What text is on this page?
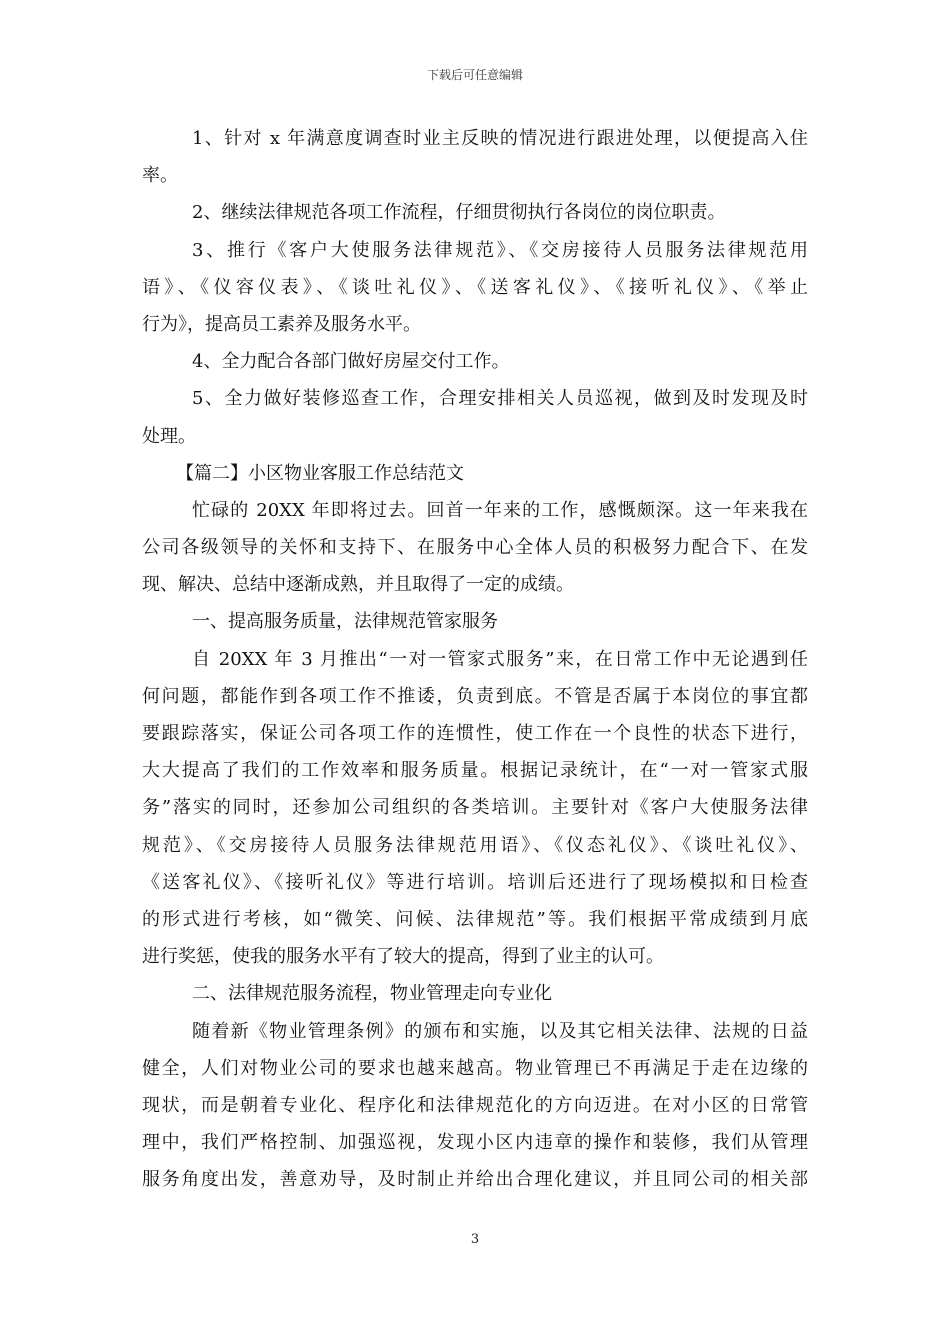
下载后可任意编辑
1、针对 x 年满意度调查时业主反映的情况进行跟进处理，以便提高入住
率。
2、继续法律规范各项工作流程，仔细贯彻执行各岗位的岗位职责。
3、推行《客户大使服务法律规范》、《交房接待人员服务法律规范用
语》、《仪容仪表》、《谈吐礼仪》、《送客礼仪》、《接听礼仪》、《举止
行为》，提高员工素养及服务水平。
4、全力配合各部门做好房屋交付工作。
5、全力做好装修巡查工作，合理安排相关人员巡视，做到及时发现及时
处理。
【篇二】小区物业客服工作总结范文
忙碌的 20XX 年即将过去。回首一年来的工作，感慨颇深。这一年来我在
公司各级领导的关怀和支持下、在服务中心全体人员的积极努力配合下、在发
现、解决、总结中逐渐成熟，并且取得了一定的成绩。
一、提高服务质量，法律规范管家服务
自 20XX 年 3 月推出“一对一管家式服务”来，在日常工作中无论遇到任
何问题，都能作到各项工作不推诿，负责到底。不管是否属于本岗位的事宜都
要跟踪落实，保证公司各项工作的连惯性，使工作在一个良性的状态下进行，
大大提高了我们的工作效率和服务质量。根据记录统计，在“一对一管家式服
务”落实的同时，还参加公司组织的各类培训。主要针对《客户大使服务法律
规范》、《交房接待人员服务法律规范用语》、《仪态礼仪》、《谈吐礼仪》、
《送客礼仪》、《接听礼仪》等进行培训。培训后还进行了现场模拟和日检查
的形式进行考核，如“微笑、问候、法律规范”等。我们根据平常成绩到月底
进行奖惩，使我的服务水平有了较大的提高，得到了业主的认可。
二、法律规范服务流程，物业管理走向专业化
随着新《物业管理条例》的颁布和实施，以及其它相关法律、法规的日益
健全，人们对物业公司的要求也越来越高。物业管理已不再满足于走在边缘的
现状，而是朝着专业化、程序化和法律规范化的方向迈进。在对小区的日常管
理中，我们严格控制、加强巡视，发现小区内违章的操作和装修，我们从管理
服务角度出发，善意劝导，及时制止并给出合理化建议，并且同公司的相关部
3
